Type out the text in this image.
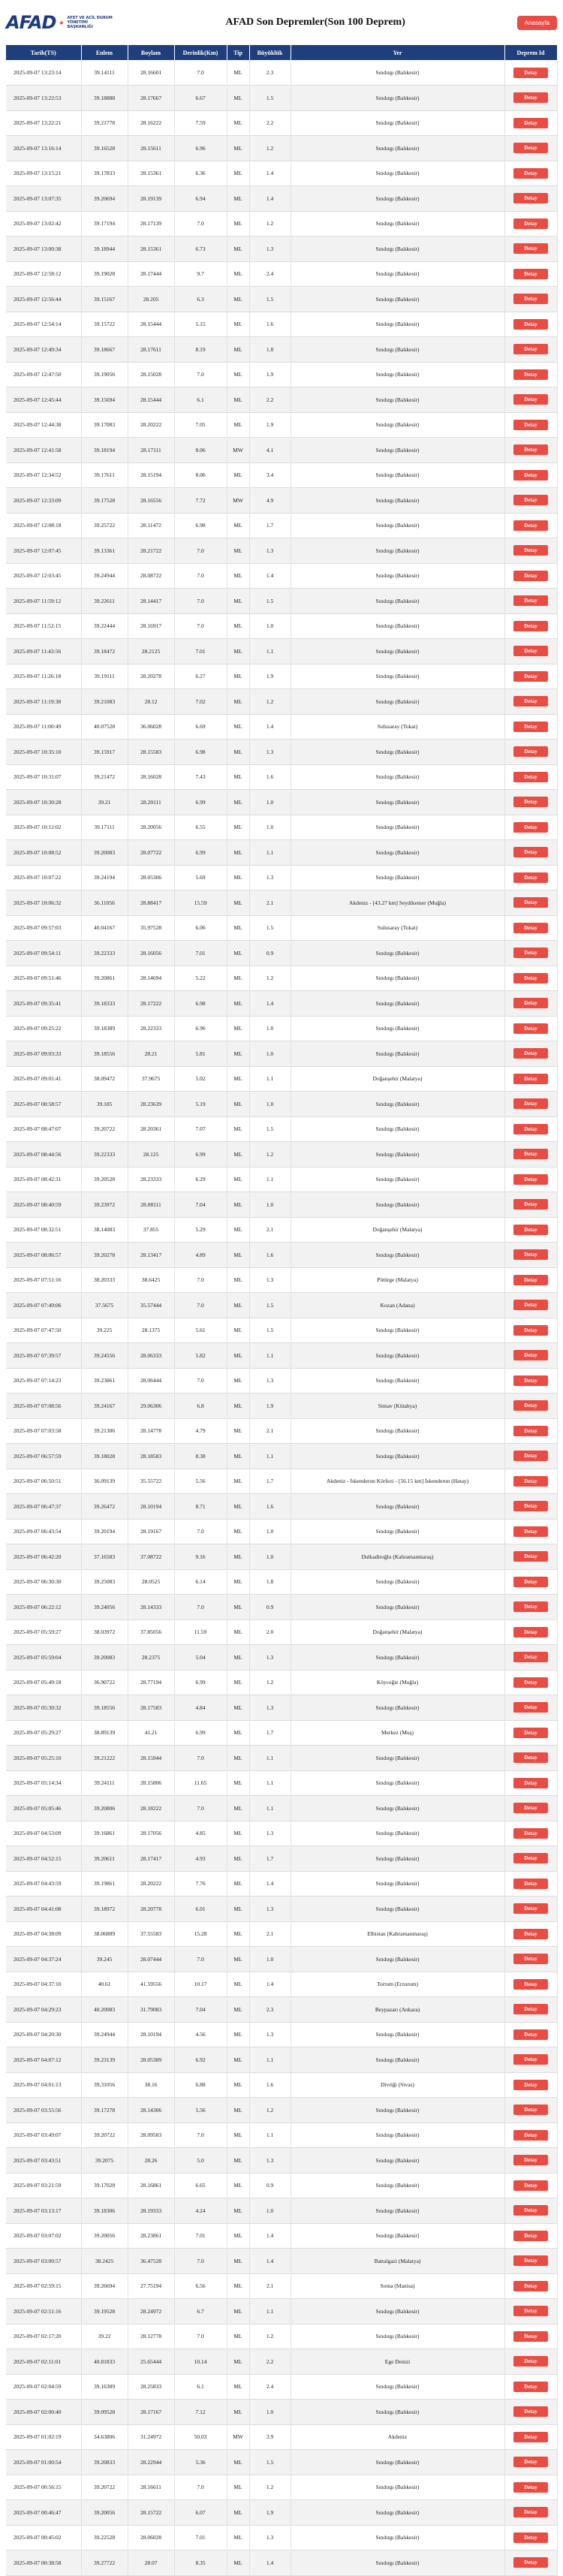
AFAD ★
AFET VE ACİL DURUM YÖNETİMİ BAŞKANLIĞI	AFAD Son Depremler(Son 100 Deprem)	Anasayfa
Tarih(TS)	Enlem	Boylam	Derinlik(Km)	Tip	Büyüklük	Yer	Deprem Id
2025-09-07 13:23:14	39.14111	28.16601	7.0	ML	2.3	Sındırgı (Balıkesir)	Detay
2025-09-07 13:22:53	39.18888	28.17667	6.67	ML	1.5	Sındırgı (Balıkesir)	Detay
2025-09-07 13:22:21	39.21778	28.16222	7.59	ML	2.2	Sındırgı (Balıkesir)	Detay
2025-09-07 13:16:14	39.16528	28.15611	6.96	ML	1.2	Sındırgı (Balıkesir)	Detay
2025-09-07 13:15:21	39.17833	28.15361	6.36	ML	1.4	Sındırgı (Balıkesir)	Detay
2025-09-07 13:07:35	39.20694	28.19139	6.94	ML	1.4	Sındırgı (Balıkesir)	Detay
2025-09-07 13:02:42	39.17194	28.17139	7.0	ML	1.2	Sındırgı (Balıkesir)	Detay
2025-09-07 13:00:38	39.18944	28.15361	6.73	ML	1.3	Sındırgı (Balıkesir)	Detay
2025-09-07 12:58:12	39.19028	28.17444	9.7	ML	2.4	Sındırgı (Balıkesir)	Detay
2025-09-07 12:56:44	39.15167	28.205	6.3	ML	1.5	Sındırgı (Balıkesir)	Detay
2025-09-07 12:54:14	39.15722	28.15444	5.15	ML	1.6	Sındırgı (Balıkesir)	Detay
2025-09-07 12:49:34	39.18667	28.17611	8.19	ML	1.8	Sındırgı (Balıkesir)	Detay
2025-09-07 12:47:50	39.19056	28.15028	7.0	ML	1.9	Sındırgı (Balıkesir)	Detay
2025-09-07 12:45:44	39.15694	28.15444	6.1	ML	2.2	Sındırgı (Balıkesir)	Detay
2025-09-07 12:44:38	39.17083	28.20222	7.05	ML	1.9	Sındırgı (Balıkesir)	Detay
2025-09-07 12:41:58	39.18194	28.17111	8.06	MW	4.1	Sındırgı (Balıkesir)	Detay
2025-09-07 12:34:52	39.17611	28.15194	8.06	ML	3.4	Sındırgı (Balıkesir)	Detay
2025-09-07 12:33:09	39.17528	28.16556	7.72	MW	4.9	Sındırgı (Balıkesir)	Detay
2025-09-07 12:08:18	39.25722	28.11472	6.98	ML	1.7	Sındırgı (Balıkesir)	Detay
2025-09-07 12:07:45	39.13361	28.21722	7.0	ML	1.3	Sındırgı (Balıkesir)	Detay
2025-09-07 12:03:45	39.24944	28.08722	7.0	ML	1.4	Sındırgı (Balıkesir)	Detay
2025-09-07 11:59:12	39.22611	28.14417	7.0	ML	1.5	Sındırgı (Balıkesir)	Detay
2025-09-07 11:52:15	39.22444	28.16917	7.0	ML	1.0	Sındırgı (Balıkesir)	Detay
2025-09-07 11:43:56	39.18472	28.2125	7.01	ML	1.1	Sındırgı (Balıkesir)	Detay
2025-09-07 11:26:18	39.19111	28.20278	6.27	ML	1.9	Sındırgı (Balıkesir)	Detay
2025-09-07 11:19:38	39.21083	28.12	7.02	ML	1.2	Sındırgı (Balıkesir)	Detay
2025-09-07 11:00:49	40.07528	36.06028	6.69	ML	1.4	Sulusaray (Tokat)	Detay
2025-09-07 10:35:10	39.15917	28.15583	6.98	ML	1.3	Sındırgı (Balıkesir)	Detay
2025-09-07 10:31:07	39.21472	28.16028	7.43	ML	1.6	Sındırgı (Balıkesir)	Detay
2025-09-07 10:30:28	39.21	28.20111	6.99	ML	1.0	Sındırgı (Balıkesir)	Detay
2025-09-07 10:12:02	39.17111	28.20056	6.55	ML	1.0	Sındırgı (Balıkesir)	Detay
2025-09-07 10:08:52	39.20083	28.07722	6.99	ML	1.1	Sındırgı (Balıkesir)	Detay
2025-09-07 10:07:22	39.24194	28.05306	5.69	ML	1.3	Sındırgı (Balıkesir)	Detay
2025-09-07 10:06:32	36.11056	28.88417	15.59	ML	2.1	Akdeniz - [43.27 km] Seydikemer (Muğla)	Detay
2025-09-07 09:57:03	40.04167	35.97528	6.06	ML	1.5	Sulusaray (Tokat)	Detay
2025-09-07 09:54:11	39.22333	28.16056	7.01	ML	0.9	Sındırgı (Balıkesir)	Detay
2025-09-07 09:51:46	39.20861	28.14694	5.22	ML	1.2	Sındırgı (Balıkesir)	Detay
2025-09-07 09:35:41	39.18333	28.17222	6.98	ML	1.4	Sındırgı (Balıkesir)	Detay
2025-09-07 09:25:22	39.18389	28.22333	6.96	ML	1.0	Sındırgı (Balıkesir)	Detay
2025-09-07 09:03:33	39.18556	28.21	5.81	ML	1.0	Sındırgı (Balıkesir)	Detay
2025-09-07 09:01:41	38.09472	37.9675	5.02	ML	1.1	Doğanşehir (Malatya)	Detay
2025-09-07 08:58:57	39.185	28.23639	5.19	ML	1.0	Sındırgı (Balıkesir)	Detay
2025-09-07 08:47:07	39.20722	28.20361	7.07	ML	1.5	Sındırgı (Balıkesir)	Detay
2025-09-07 08:44:56	39.22333	28.125	6.99	ML	1.2	Sındırgı (Balıkesir)	Detay
2025-09-07 08:42:31	39.20528	28.23333	6.29	ML	1.1	Sındırgı (Balıkesir)	Detay
2025-09-07 08:40:59	39.23972	28.08111	7.04	ML	1.0	Sındırgı (Balıkesir)	Detay
2025-09-07 08:32:51	38.14083	37.855	5.29	ML	2.1	Doğanşehir (Malatya)	Detay
2025-09-07 08:06:57	39.20278	28.13417	4.89	ML	1.6	Sındırgı (Balıkesir)	Detay
2025-09-07 07:51:16	38.20333	38.6425	7.0	ML	1.3	Pütürge (Malatya)	Detay
2025-09-07 07:49:06	37.5675	35.57444	7.0	ML	1.5	Kozan (Adana)	Detay
2025-09-07 07:47:50	39.225	28.1375	5.61	ML	1.5	Sındırgı (Balıkesir)	Detay
2025-09-07 07:39:57	39.24556	28.06333	5.82	ML	1.1	Sındırgı (Balıkesir)	Detay
2025-09-07 07:14:23	39.23861	28.06444	7.0	ML	1.3	Sındırgı (Balıkesir)	Detay
2025-09-07 07:08:56	39.24167	29.06306	6.8	ML	1.9	Simav (Kütahya)	Detay
2025-09-07 07:03:58	39.21306	28.14778	4.79	ML	2.1	Sındırgı (Balıkesir)	Detay
2025-09-07 06:57:59	39.18028	28.18583	8.38	ML	1.1	Sındırgı (Balıkesir)	Detay
2025-09-07 06:50:51	36.09139	35.55722	5.56	ML	1.7	Akdeniz - İskenderun Körfezi - [56.15 km] İskenderun (Hatay)	Detay
2025-09-07 06:47:37	39.26472	28.10194	8.71	ML	1.6	Sındırgı (Balıkesir)	Detay
2025-09-07 06:43:54	39.20194	28.19167	7.0	ML	1.0	Sındırgı (Balıkesir)	Detay
2025-09-07 06:42:20	37.16583	37.08722	9.16	ML	1.0	Dulkadiroğlu (Kahramanmaraş)	Detay
2025-09-07 06:30:30	39.25083	28.0525	6.14	ML	1.8	Sındırgı (Balıkesir)	Detay
2025-09-07 06:22:12	39.24056	28.14333	7.0	ML	0.9	Sındırgı (Balıkesir)	Detay
2025-09-07 05:59:27	38.03972	37.85056	11.59	ML	2.0	Doğanşehir (Malatya)	Detay
2025-09-07 05:59:04	39.20083	28.2375	5.04	ML	1.3	Sındırgı (Balıkesir)	Detay
2025-09-07 05:49:18	36.90722	28.77194	6.99	ML	1.2	Köyceğiz (Muğla)	Detay
2025-09-07 05:30:32	39.18556	28.17583	4.84	ML	1.3	Sındırgı (Balıkesir)	Detay
2025-09-07 05:29:27	38.89139	41.21	6.99	ML	1.7	Merkez (Muş)	Detay
2025-09-07 05:25:10	39.21222	28.15944	7.0	ML	1.1	Sındırgı (Balıkesir)	Detay
2025-09-07 05:14:34	39.24111	28.15806	11.65	ML	1.1	Sındırgı (Balıkesir)	Detay
2025-09-07 05:05:46	39.20806	28.18222	7.0	ML	1.1	Sındırgı (Balıkesir)	Detay
2025-09-07 04:53:09	39.16861	28.17056	4.85	ML	1.3	Sındırgı (Balıkesir)	Detay
2025-09-07 04:52:15	39.20611	28.17417	4.93	ML	1.7	Sındırgı (Balıkesir)	Detay
2025-09-07 04:43:59	39.19861	28.20222	7.76	ML	1.4	Sındırgı (Balıkesir)	Detay
2025-09-07 04:41:08	39.18972	28.20778	6.01	ML	1.3	Sındırgı (Balıkesir)	Detay
2025-09-07 04:38:09	38.06889	37.55583	15.28	ML	2.1	Elbistan (Kahramanmaraş)	Detay
2025-09-07 04:37:24	39.245	28.07444	7.0	ML	1.0	Sındırgı (Balıkesir)	Detay
2025-09-07 04:37:10	40.61	41.59556	10.17	ML	1.4	Tortum (Erzurum)	Detay
2025-09-07 04:29:23	40.20083	31.79083	7.04	ML	2.3	Beypazarı (Ankara)	Detay
2025-09-07 04:20:30	39.24944	28.10194	4.56	ML	1.3	Sındırgı (Balıkesir)	Detay
2025-09-07 04:07:12	39.23139	28.05389	6.92	ML	1.1	Sındırgı (Balıkesir)	Detay
2025-09-07 04:01:13	39.31056	38.16	6.88	ML	1.6	Divriği (Sivas)	Detay
2025-09-07 03:55:56	39.17278	28.14306	5.56	ML	1.2	Sındırgı (Balıkesir)	Detay
2025-09-07 03:49:07	39.20722	28.09583	7.0	ML	1.1	Sındırgı (Balıkesir)	Detay
2025-09-07 03:43:51	39.2075	28.26	5.0	ML	1.3	Sındırgı (Balıkesir)	Detay
2025-09-07 03:21:59	39.17028	28.16861	6.65	ML	0.9	Sındırgı (Balıkesir)	Detay
2025-09-07 03:13:17	39.18306	28.19333	4.24	ML	1.0	Sındırgı (Balıkesir)	Detay
2025-09-07 03:07:02	39.20056	28.23861	7.01	ML	1.4	Sındırgı (Balıkesir)	Detay
2025-09-07 03:00:57	38.2425	36.47528	7.0	ML	1.4	Battalgazi (Malatya)	Detay
2025-09-07 02:59:15	39.26694	27.75194	6.56	ML	2.1	Soma (Manisa)	Detay
2025-09-07 02:51:16	39.19528	28.24972	6.7	ML	1.1	Sındırgı (Balıkesir)	Detay
2025-09-07 02:17:20	39.22	28.12778	7.0	ML	1.2	Sındırgı (Balıkesir)	Detay
2025-09-07 02:11:01	40.81833	25.65444	10.14	ML	2.2	Ege Denizi	Detay
2025-09-07 02:04:59	39.16389	28.25833	6.1	ML	2.4	Sındırgı (Balıkesir)	Detay
2025-09-07 02:00:40	39.09528	28.17167	7.12	ML	1.0	Sındırgı (Balıkesir)	Detay
2025-09-07 01:02:19	34.63806	31.24972	50.03	MW	3.9	Akdeniz	Detay
2025-09-07 01:00:54	39.20833	28.22944	5.36	ML	1.5	Sındırgı (Balıkesir)	Detay
2025-09-07 00:56:15	39.20722	28.16611	7.0	ML	1.2	Sındırgı (Balıkesir)	Detay
2025-09-07 00:46:47	39.20056	28.15722	6.07	ML	1.9	Sındırgı (Balıkesir)	Detay
2025-09-07 00:45:02	39.22528	28.06028	7.01	ML	1.3	Sındırgı (Balıkesir)	Detay
2025-09-07 00:38:58	39.27722	28.07	8.35	ML	1.4	Sındırgı (Balıkesir)	Detay
